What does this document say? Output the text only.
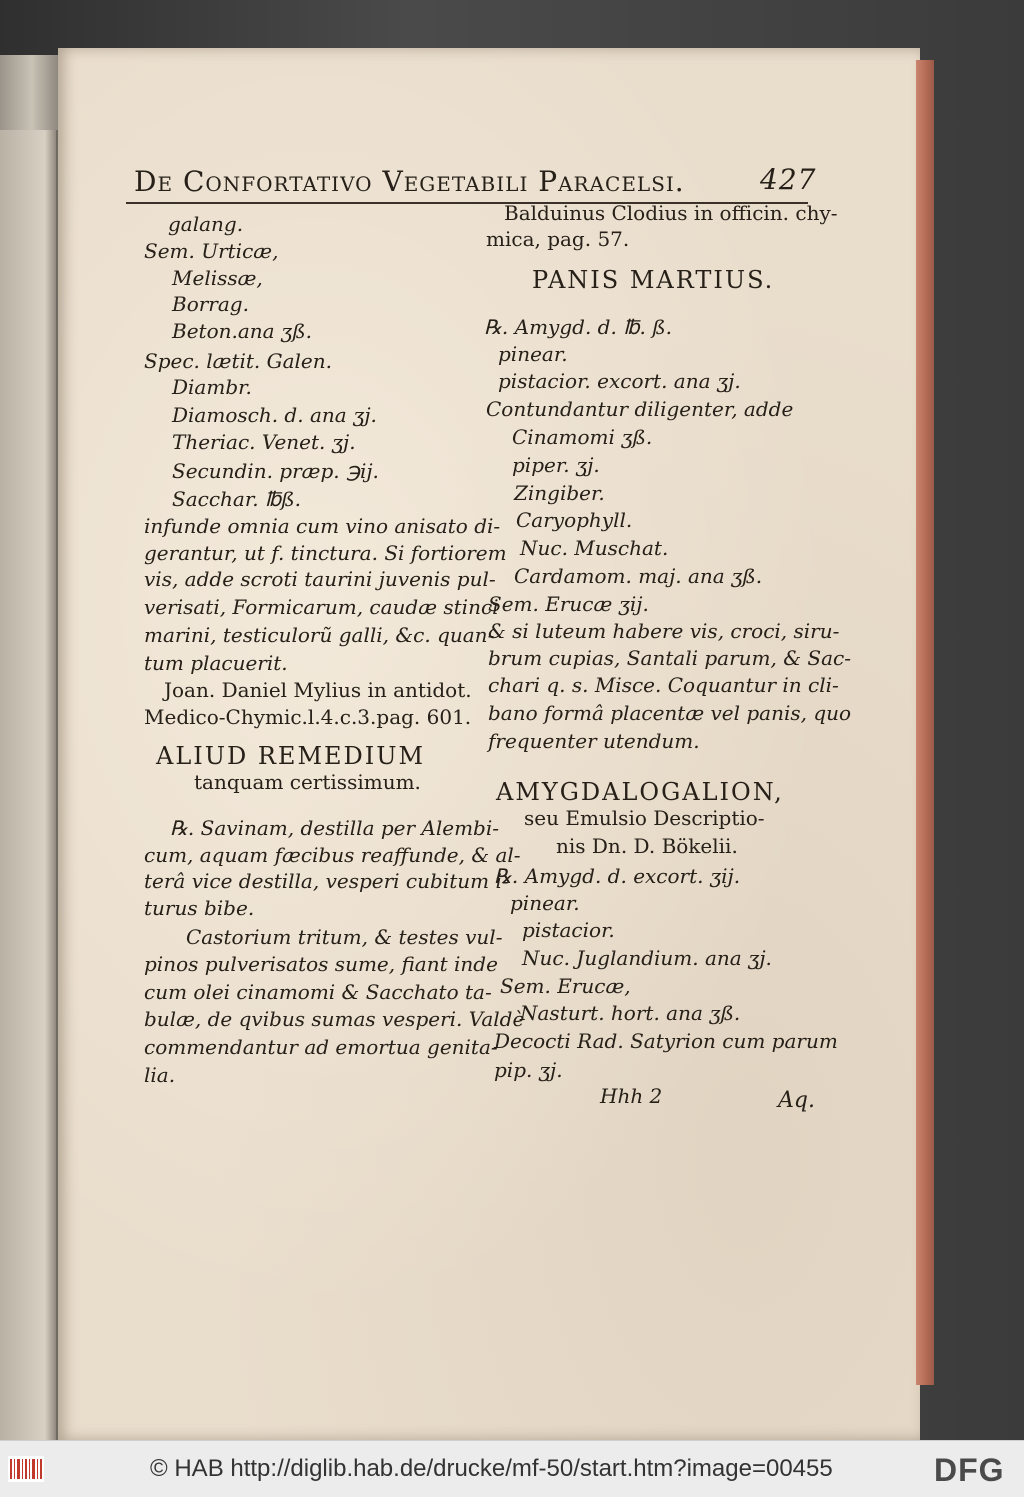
De Confortativo Vegetabili Paracelsi.	427
galang.
Sem. Urticæ,
Melissæ,
Borrag.
Beton.ana ʒß.
Spec. lætit. Galen.
Diambr.
Diamosch. d. ana ʒj.
Theriac. Venet. ʒj.
Secundin. præp. ℈ij.
Sacchar. ℔ß.
infunde omnia cum vino anisato di-
gerantur, ut f. tinctura. Si fortiorem
vis, adde scroti taurini juvenis pul-
verisati, Formicarum, caudæ stinci
marini, testiculorũ galli, &c. quan-
tum placuerit.
Joan. Daniel Mylius in antidot.
Medico-Chymic.l.4.c.3.pag. 601.
ALIUD REMEDIUM
tanquam certissimum.
℞. Savinam, destilla per Alembi-
cum, aquam fæcibus reaffunde, & al-
terâ vice destilla, vesperi cubitum i-
turus bibe.
Castorium tritum, & testes vul-
pinos pulverisatos sume, fiant inde
cum olei cinamomi & Sacchato ta-
bulæ, de qvibus sumas vesperi. Valdè
commendantur ad emortua genita-
lia.
Balduinus Clodius in officin. chy-
mica, pag. 57.
PANIS MARTIUS.
℞. Amygd. d. ℔. ß.
pinear.
pistacior. excort. ana ʒj.
Contundantur diligenter, adde
Cinamomi ʒß.
piper. ʒj.
Zingiber.
Caryophyll.
Nuc. Muschat.
Cardamom. maj. ana ʒß.
Sem. Erucæ ʒij.
& si luteum habere vis, croci, siru-
brum cupias, Santali parum, & Sac-
chari q. s. Misce. Coquantur in cli-
bano formâ placentæ vel panis, quo
frequenter utendum.
AMYGDALOGALION,
seu Emulsio Descriptio-
nis Dn. D. Bökelii.
℞. Amygd. d. excort. ʒij.
pinear.
pistacior.
Nuc. Juglandium. ana ʒj.
Sem. Erucæ,
Nasturt. hort. ana ʒß.
Decocti Rad. Satyrion cum parum
pip. ʒj.
Hhh 2	Aq.
© HAB http://diglib.hab.de/drucke/mf-50/start.htm?image=00455	DFG
